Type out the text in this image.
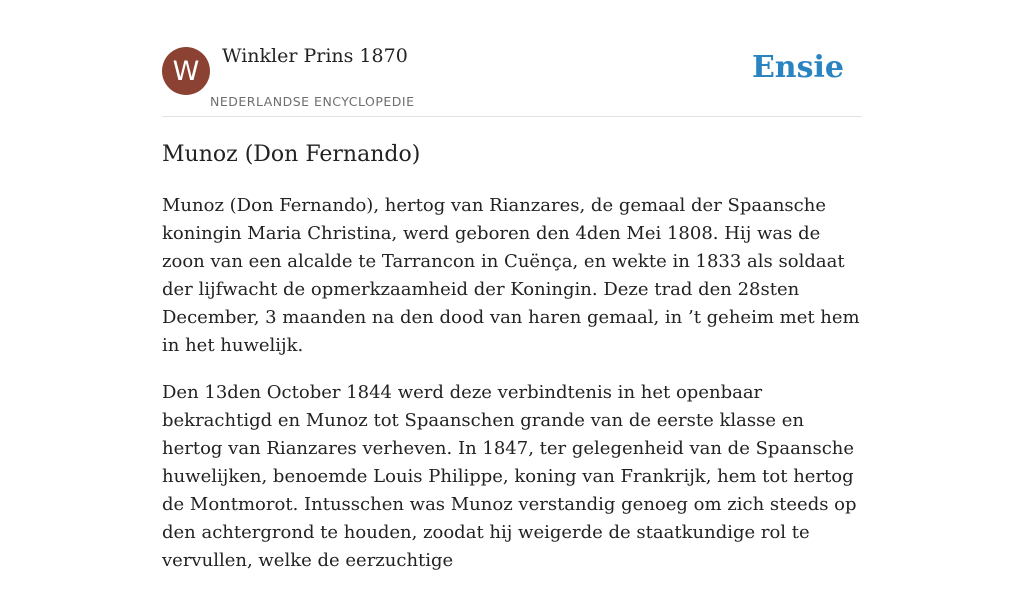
W	Winkler Prins 1870
NEDERLANDSE ENCYCLOPEDIE
Ensie
Munoz (Don Fernando)

Munoz (Don Fernando), hertog van Rianzares, de gemaal der Spaansche koningin Maria Christina, werd geboren den 4den Mei 1808. Hij was de zoon van een alcalde te Tarrancon in Cuënça, en wekte in 1833 als soldaat der lijfwacht de opmerkzaamheid der Koningin. Deze trad den 28sten December, 3 maanden na den dood van haren gemaal, in ’t geheim met hem in het huwelijk.

Den 13den October 1844 werd deze verbindtenis in het openbaar bekrachtigd en Munoz tot Spaanschen grande van de eerste klasse en hertog van Rianzares verheven. In 1847, ter gelegenheid van de Spaansche huwelijken, benoemde Louis Philippe, koning van Frankrijk, hem tot hertog de Montmorot. Intusschen was Munoz verstandig genoeg om zich steeds op den achtergrond te houden, zoodat hij weigerde de staatkundige rol te vervullen, welke de eerzuchtige
